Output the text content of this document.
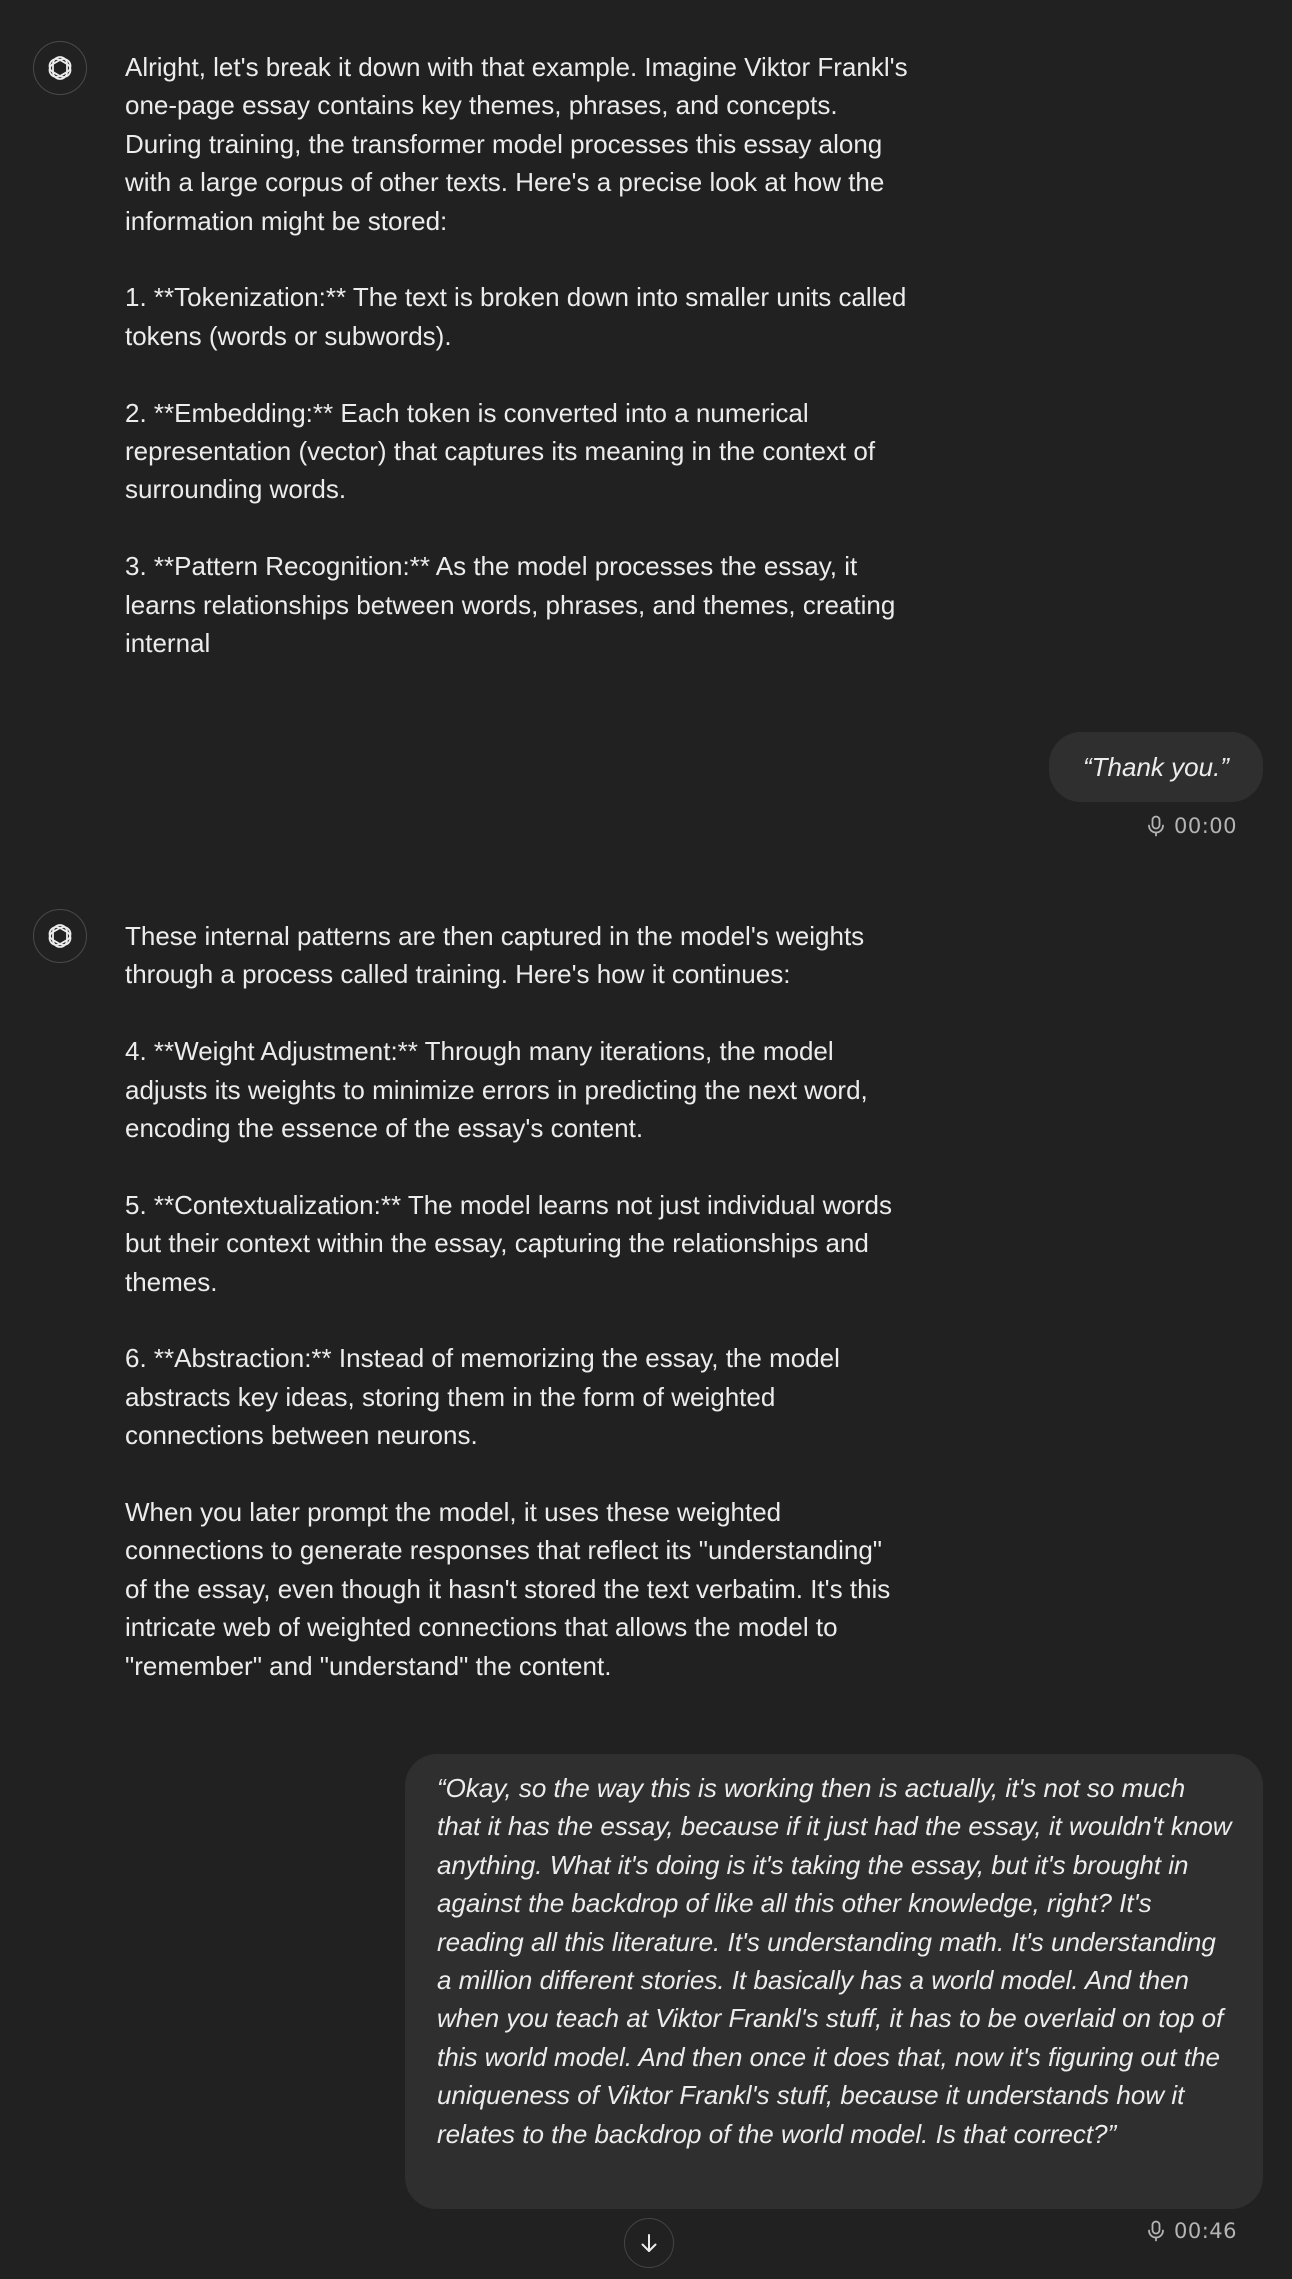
Alright, let's break it down with that example. Imagine Viktor Frankl's
one-page essay contains key themes, phrases, and concepts.
During training, the transformer model processes this essay along
with a large corpus of other texts. Here's a precise look at how the
information might be stored:

1. **Tokenization:** The text is broken down into smaller units called
tokens (words or subwords).

2. **Embedding:** Each token is converted into a numerical
representation (vector) that captures its meaning in the context of
surrounding words.

3. **Pattern Recognition:** As the model processes the essay, it
learns relationships between words, phrases, and themes, creating
internal

“Thank you.”
00:00

These internal patterns are then captured in the model's weights
through a process called training. Here's how it continues:

4. **Weight Adjustment:** Through many iterations, the model
adjusts its weights to minimize errors in predicting the next word,
encoding the essence of the essay's content.

5. **Contextualization:** The model learns not just individual words
but their context within the essay, capturing the relationships and
themes.

6. **Abstraction:** Instead of memorizing the essay, the model
abstracts key ideas, storing them in the form of weighted
connections between neurons.

When you later prompt the model, it uses these weighted
connections to generate responses that reflect its "understanding"
of the essay, even though it hasn't stored the text verbatim. It's this
intricate web of weighted connections that allows the model to
"remember" and "understand" the content.

“Okay, so the way this is working then is actually, it's not so much that it has the essay, because if it just had the essay, it wouldn't know anything. What it's doing is it's taking the essay, but it's brought in against the backdrop of like all this other knowledge, right? It's reading all this literature. It's understanding math. It's understanding a million different stories. It basically has a world model. And then when you teach at Viktor Frankl's stuff, it has to be overlaid on top of this world model. And then once it does that, now it's figuring out the uniqueness of Viktor Frankl's stuff, because it understands how it relates to the backdrop of the world model. Is that correct?”
00:46
